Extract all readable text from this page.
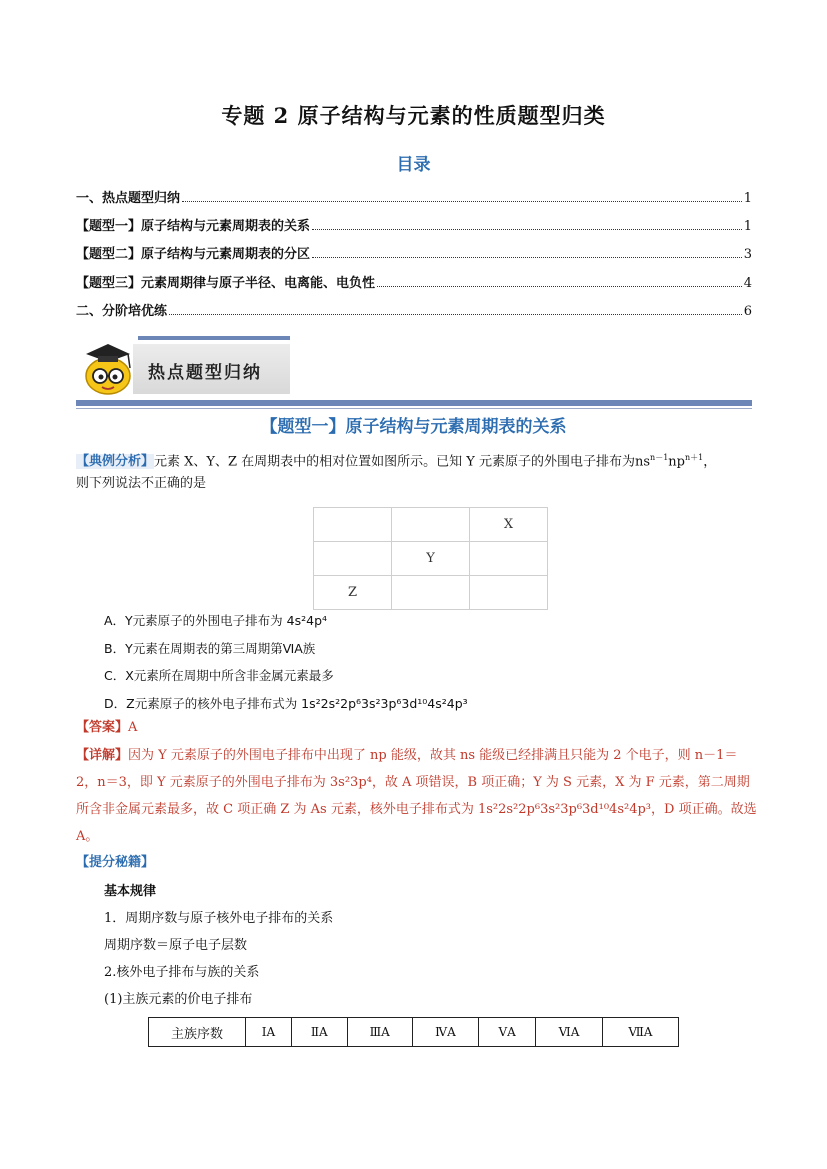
专题 2 原子结构与元素的性质题型归类
目录
一、热点题型归纳	1
【题型一】原子结构与元素周期表的关系	1
【题型二】原子结构与元素周期表的分区	3
【题型三】元素周期律与原子半径、电离能、电负性	4
二、分阶培优练	6
热点题型归纳
【题型一】原子结构与元素周期表的关系
【典例分析】元素 X、Y、Z 在周期表中的相对位置如图所示。已知 Y 元素原子的外围电子排布为$ns^{n-1}np^{n+1}$，
则下列说法不正确的是
		X
	Y	
Z		
A．Y元素原子的外围电子排布为 4s²4p⁴
B．Y元素在周期表的第三周期第ⅥA族
C．X元素所在周期中所含非金属元素最多
D．Z元素原子的核外电子排布式为 1s²2s²2p⁶3s²3p⁶3d¹⁰4s²4p³
【答案】A
【详解】因为 Y 元素原子的外围电子排布中出现了 np 能级，故其 ns 能级已经排满且只能为 2 个电子，则 n－1＝
2，n＝3，即 Y 元素原子的外围电子排布为 3s²3p⁴，故 A 项错误，B 项正确；Y 为 S 元素，X 为 F 元素，第二周期
所含非金属元素最多，故 C 项正确 Z 为 As 元素，核外电子排布式为 1s²2s²2p⁶3s²3p⁶3d¹⁰4s²4p³，D 项正确。故选
A。
【提分秘籍】
基本规律
1．周期序数与原子核外电子排布的关系
周期序数＝原子电子层数
2.核外电子排布与族的关系
(1)主族元素的价电子排布
主族序数	ⅠA	ⅡA	ⅢA	ⅣA	ⅤA	ⅥA	ⅦA
